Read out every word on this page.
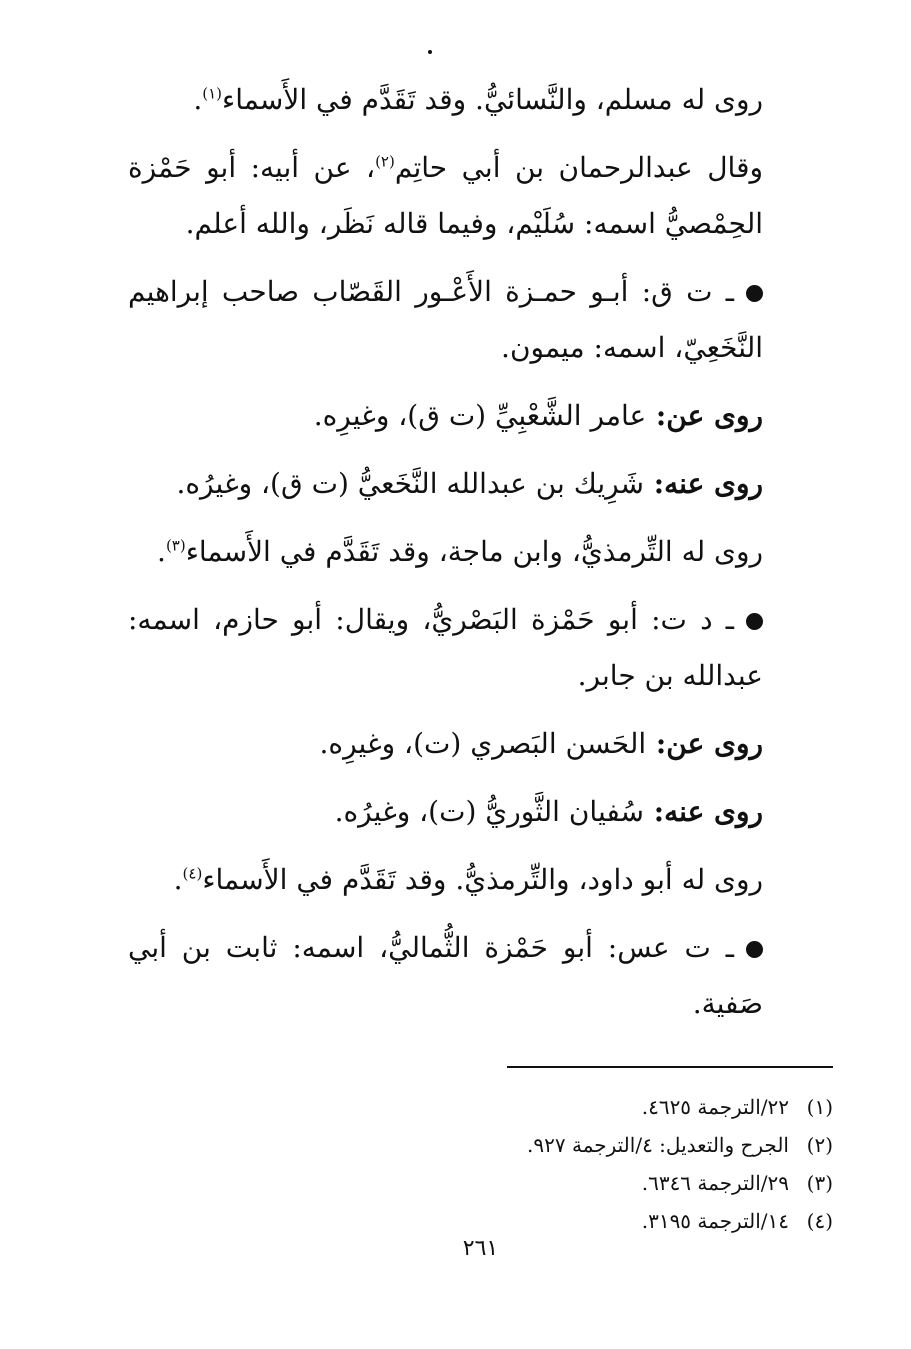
روى له مسلم، والنَّسائيُّ. وقد تَقَدَّم في الأَسماء$^{(١)}$.

وقال عبدالرحمان بن أبي حاتِم$^{(٢)}$، عن أبيه: أبو حَمْزة الحِمْصيُّ اسمه: سُلَيْم، وفيما قاله نَظَر، والله أعلم.

ـ ت ق: أبـو حمـزة الأَعْـور القَصّاب صاحب إبراهيم النَّخَعِيّ، اسمه: ميمون.

روى عن: عامر الشَّعْبِيِّ (ت ق)، وغيرِه.

روى عنه: شَرِيك بن عبدالله النَّخَعيُّ (ت ق)، وغيرُه.

روى له التِّرمذيُّ، وابن ماجة، وقد تَقَدَّم في الأَسماء$^{(٣)}$.

ـ د ت: أبو حَمْزة البَصْريُّ، ويقال: أبو حازم، اسمه: عبدالله بن جابر.

روى عن: الحَسن البَصري (ت)، وغيرِه.

روى عنه: سُفيان الثَّوريُّ (ت)، وغيرُه.

روى له أبو داود، والتِّرمذيُّ. وقد تَقَدَّم في الأَسماء$^{(٤)}$.

ـ ت عس: أبو حَمْزة الثُّماليُّ، اسمه: ثابت بن أبي صَفية.

(١)
٢٢/الترجمة ٤٦٢٥.
(٢)
الجرح والتعديل: ٤/الترجمة ٩٢٧.
(٣)
٢٩/الترجمة ٦٣٤٦.
(٤)
١٤/الترجمة ٣١٩٥.
٢٦١
